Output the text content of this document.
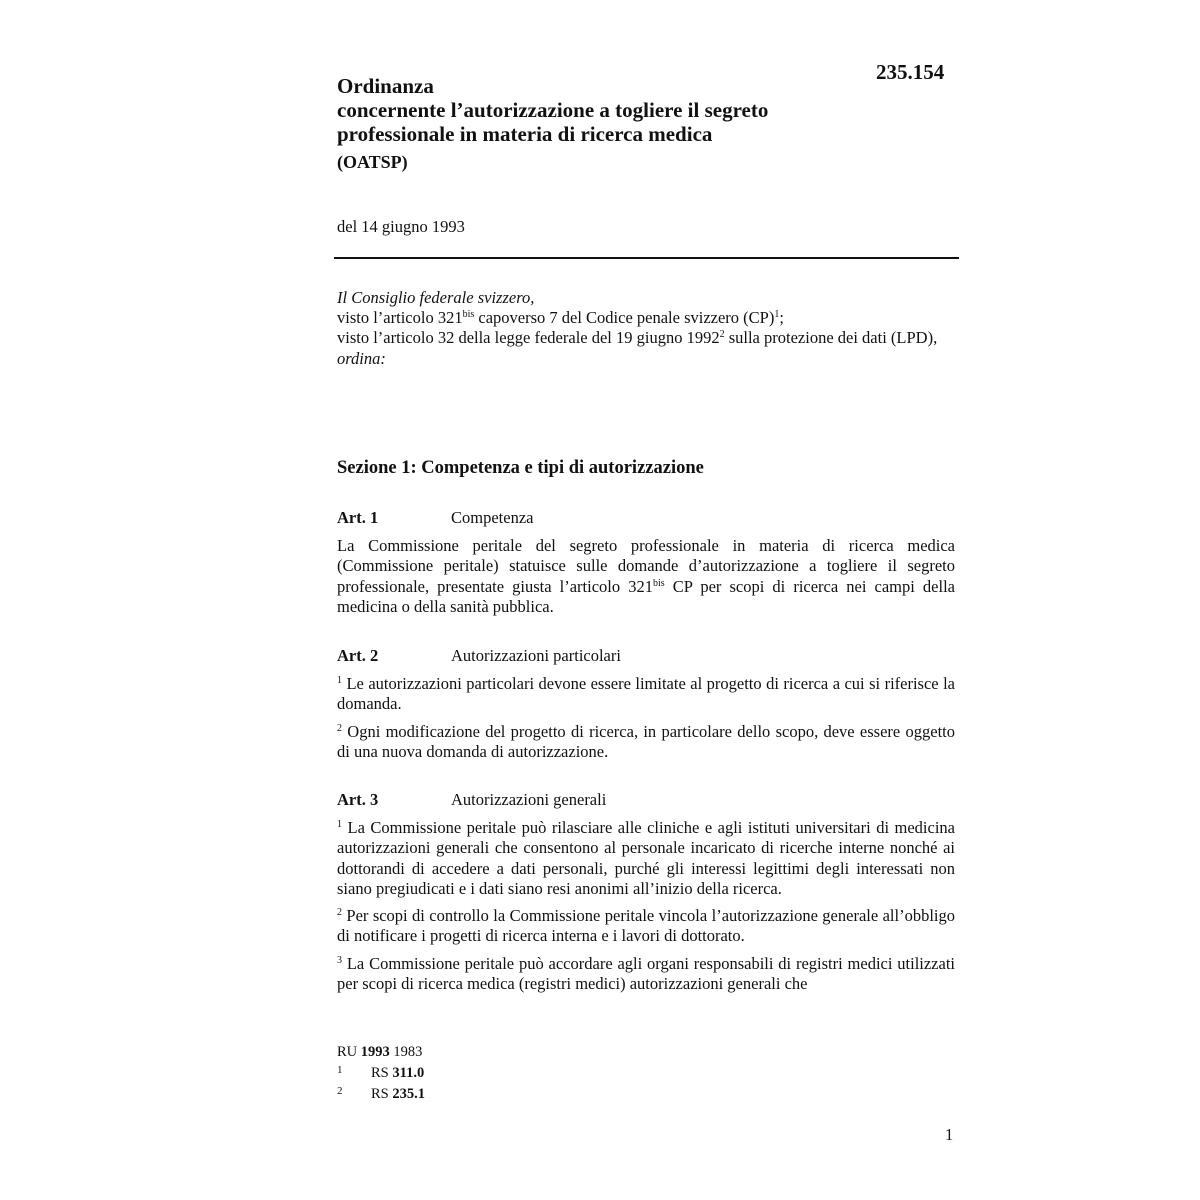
235.154
Ordinanza
concernente l’autorizzazione a togliere il segreto
professionale in materia di ricerca medica
(OATSP)
del 14 giugno 1993
Il Consiglio federale svizzero,
visto l’articolo $321^{bis}$ capoverso 7 del Codice penale svizzero (CP)$^1$;
visto l’articolo 32 della legge federale del 19 giugno 1992$^2$ sulla protezione dei dati (LPD),
ordina:
Sezione 1: Competenza e tipi di autorizzazione
Art. 1	Competenza

La Commissione peritale del segreto professionale in materia di ricerca medica (Commissione peritale) statuisce sulle domande d’autorizzazione a togliere il segreto professionale, presentate giusta l’articolo $321^{bis}$ CP per scopi di ricerca nei campi della medicina o della sanità pubblica.

Art. 2	Autorizzazioni particolari

$^1$ Le autorizzazioni particolari devone essere limitate al progetto di ricerca a cui si riferisce la domanda.

$^2$ Ogni modificazione del progetto di ricerca, in particolare dello scopo, deve essere oggetto di una nuova domanda di autorizzazione.

Art. 3	Autorizzazioni generali

$^1$ La Commissione peritale può rilasciare alle cliniche e agli istituti universitari di medicina autorizzazioni generali che consentono al personale incaricato di ricerche interne nonché ai dottorandi di accedere a dati personali, purché gli interessi legittimi degli interessati non siano pregiudicati e i dati siano resi anonimi all’inizio della ricerca.

$^2$ Per scopi di controllo la Commissione peritale vincola l’autorizzazione generale all’obbligo di notificare i progetti di ricerca interna e i lavori di dottorato.

$^3$ La Commissione peritale può accordare agli organi responsabili di registri medici utilizzati per scopi di ricerca medica (registri medici) autorizzazioni generali che

RU 1993 1983
1 RS 311.0
2 RS 235.1
1
